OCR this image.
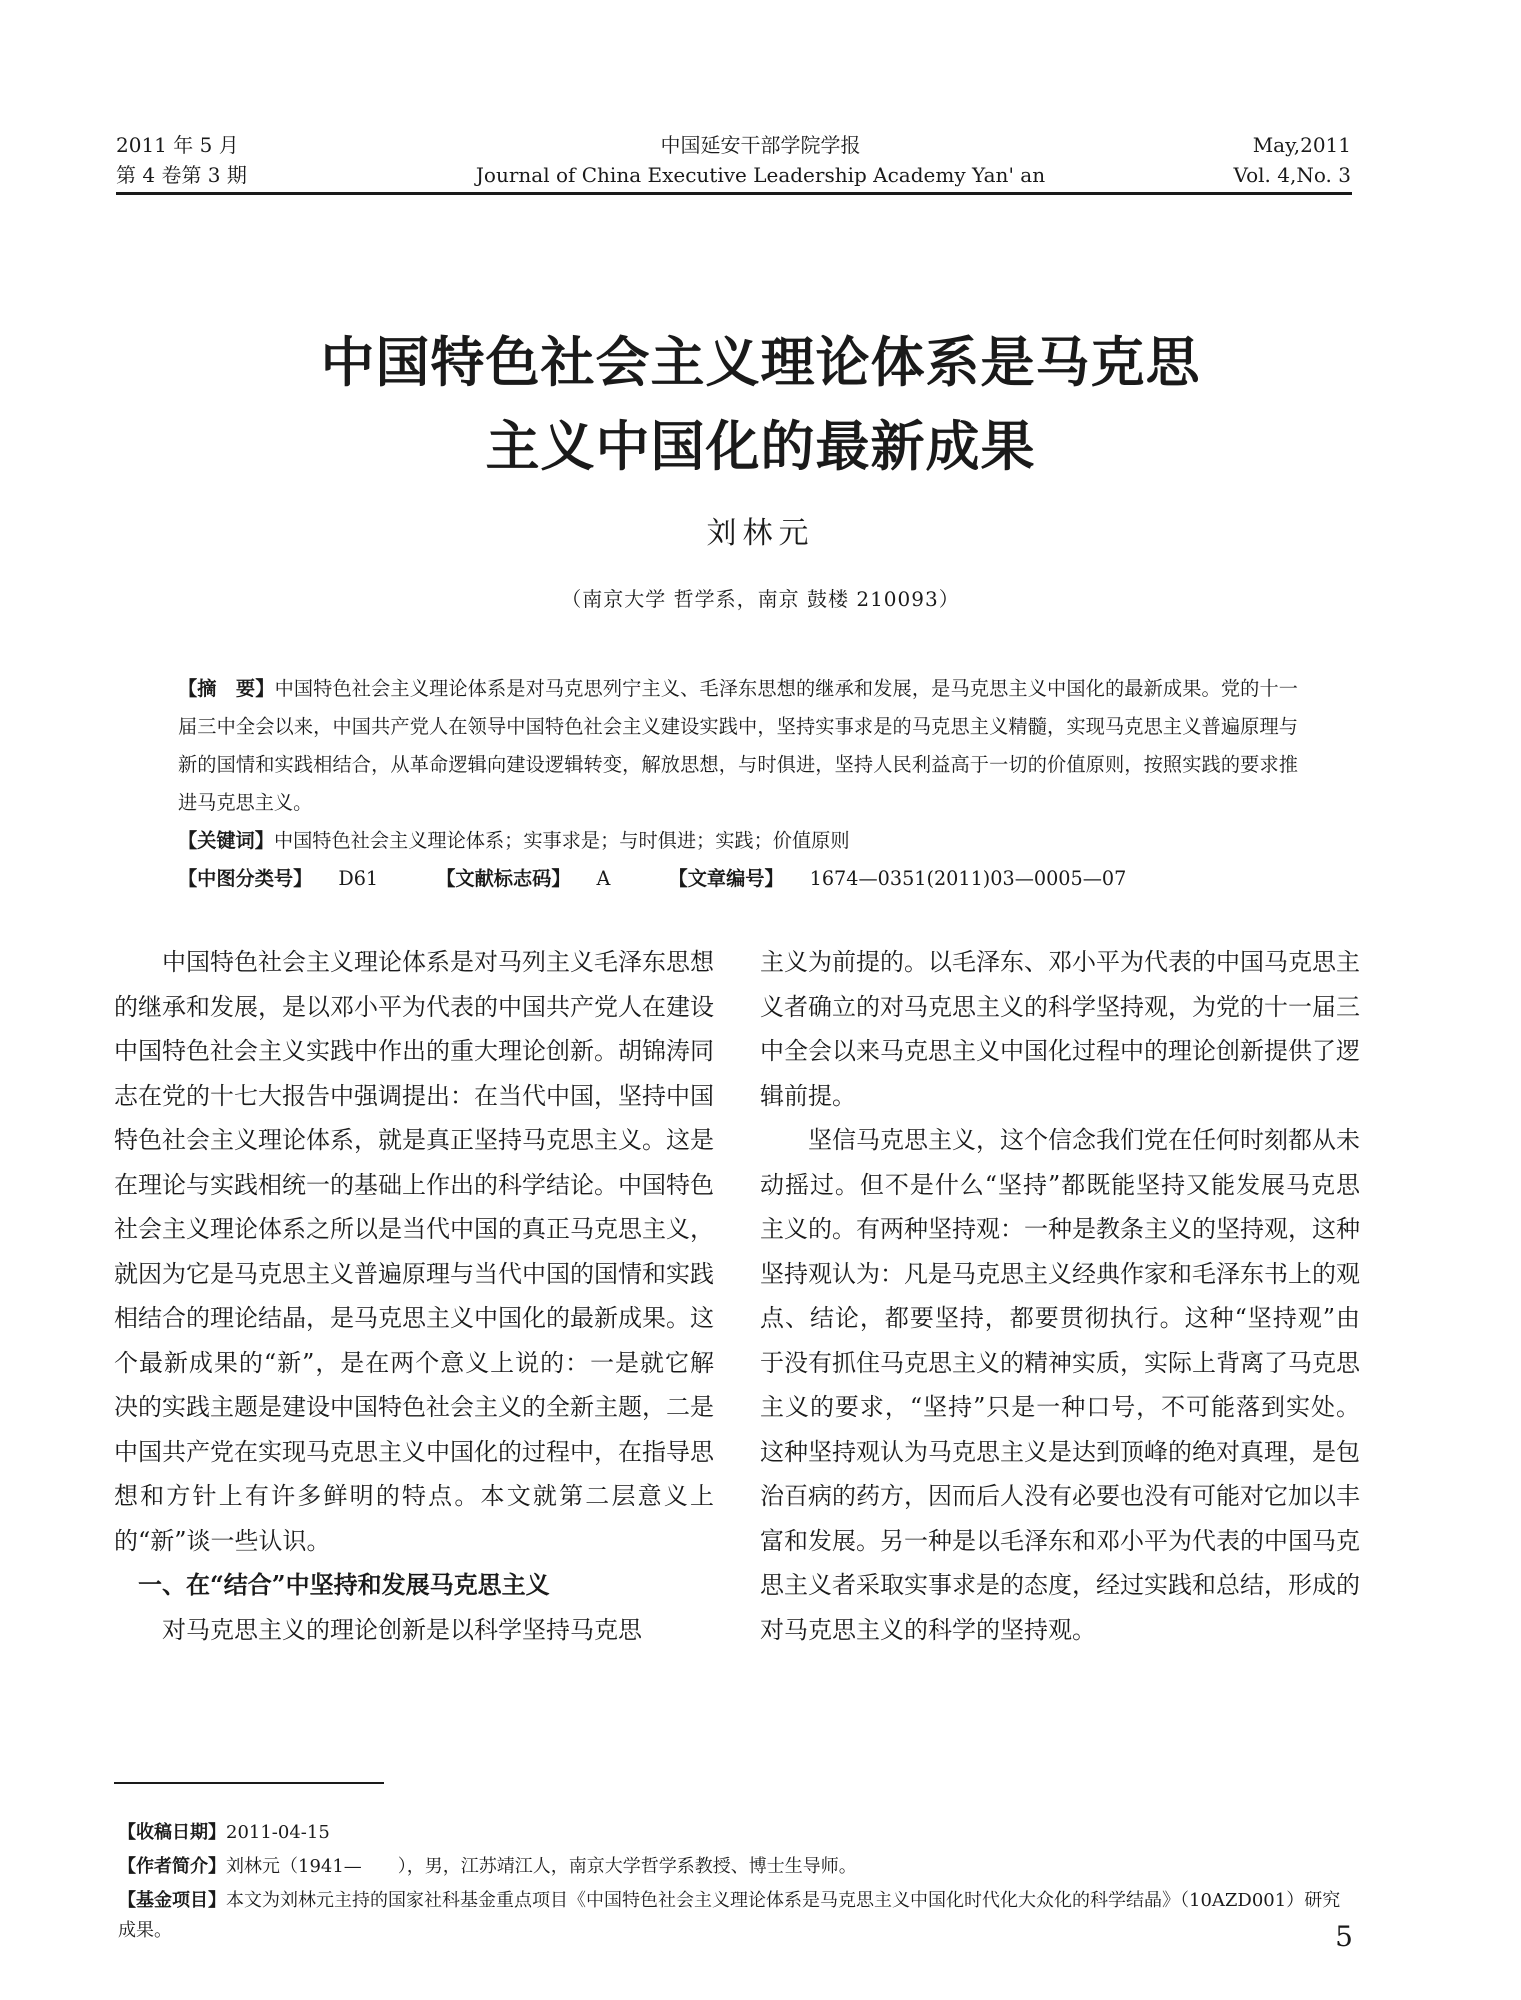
2011 年 5 月
第 4 卷第 3 期
中国延安干部学院学报
Journal of China Executive Leadership Academy Yan' an
May,2011
Vol. 4,No. 3
中国特色社会主义理论体系是马克思
主义中国化的最新成果
刘林元
（南京大学 哲学系，南京 鼓楼 210093）

【摘　要】中国特色社会主义理论体系是对马克思列宁主义、毛泽东思想的继承和发展，是马克思主义中国化的最新成果。党的十一届三中全会以来，中国共产党人在领导中国特色社会主义建设实践中，坚持实事求是的马克思主义精髓，实现马克思主义普遍原理与新的国情和实践相结合，从革命逻辑向建设逻辑转变，解放思想，与时俱进，坚持人民利益高于一切的价值原则，按照实践的要求推进马克思主义。

【关键词】中国特色社会主义理论体系；实事求是；与时俱进；实践；价值原则

【中图分类号】 D61	【文献标志码】 A	【文章编号】 1674—0351(2011)03—0005—07

中国特色社会主义理论体系是对马列主义毛泽东思想的继承和发展，是以邓小平为代表的中国共产党人在建设中国特色社会主义实践中作出的重大理论创新。胡锦涛同志在党的十七大报告中强调提出：在当代中国，坚持中国特色社会主义理论体系，就是真正坚持马克思主义。这是在理论与实践相统一的基础上作出的科学结论。中国特色社会主义理论体系之所以是当代中国的真正马克思主义，就因为它是马克思主义普遍原理与当代中国的国情和实践相结合的理论结晶，是马克思主义中国化的最新成果。这个最新成果的“新”，是在两个意义上说的：一是就它解决的实践主题是建设中国特色社会主义的全新主题，二是中国共产党在实现马克思主义中国化的过程中，在指导思想和方针上有许多鲜明的特点。本文就第二层意义上的“新”谈一些认识。

一、在“结合”中坚持和发展马克思主义

对马克思主义的理论创新是以科学坚持马克思

主义为前提的。以毛泽东、邓小平为代表的中国马克思主义者确立的对马克思主义的科学坚持观，为党的十一届三中全会以来马克思主义中国化过程中的理论创新提供了逻辑前提。

坚信马克思主义，这个信念我们党在任何时刻都从未动摇过。但不是什么“坚持”都既能坚持又能发展马克思主义的。有两种坚持观：一种是教条主义的坚持观，这种坚持观认为：凡是马克思主义经典作家和毛泽东书上的观点、结论，都要坚持，都要贯彻执行。这种“坚持观”由于没有抓住马克思主义的精神实质，实际上背离了马克思主义的要求，“坚持”只是一种口号，不可能落到实处。这种坚持观认为马克思主义是达到顶峰的绝对真理，是包治百病的药方，因而后人没有必要也没有可能对它加以丰富和发展。另一种是以毛泽东和邓小平为代表的中国马克思主义者采取实事求是的态度，经过实践和总结，形成的对马克思主义的科学的坚持观。

【收稿日期】2011-04-15

【作者简介】刘林元（1941—　　），男，江苏靖江人，南京大学哲学系教授、博士生导师。

【基金项目】本文为刘林元主持的国家社科基金重点项目《中国特色社会主义理论体系是马克思主义中国化时代化大众化的科学结晶》（10AZD001）研究成果。	5
